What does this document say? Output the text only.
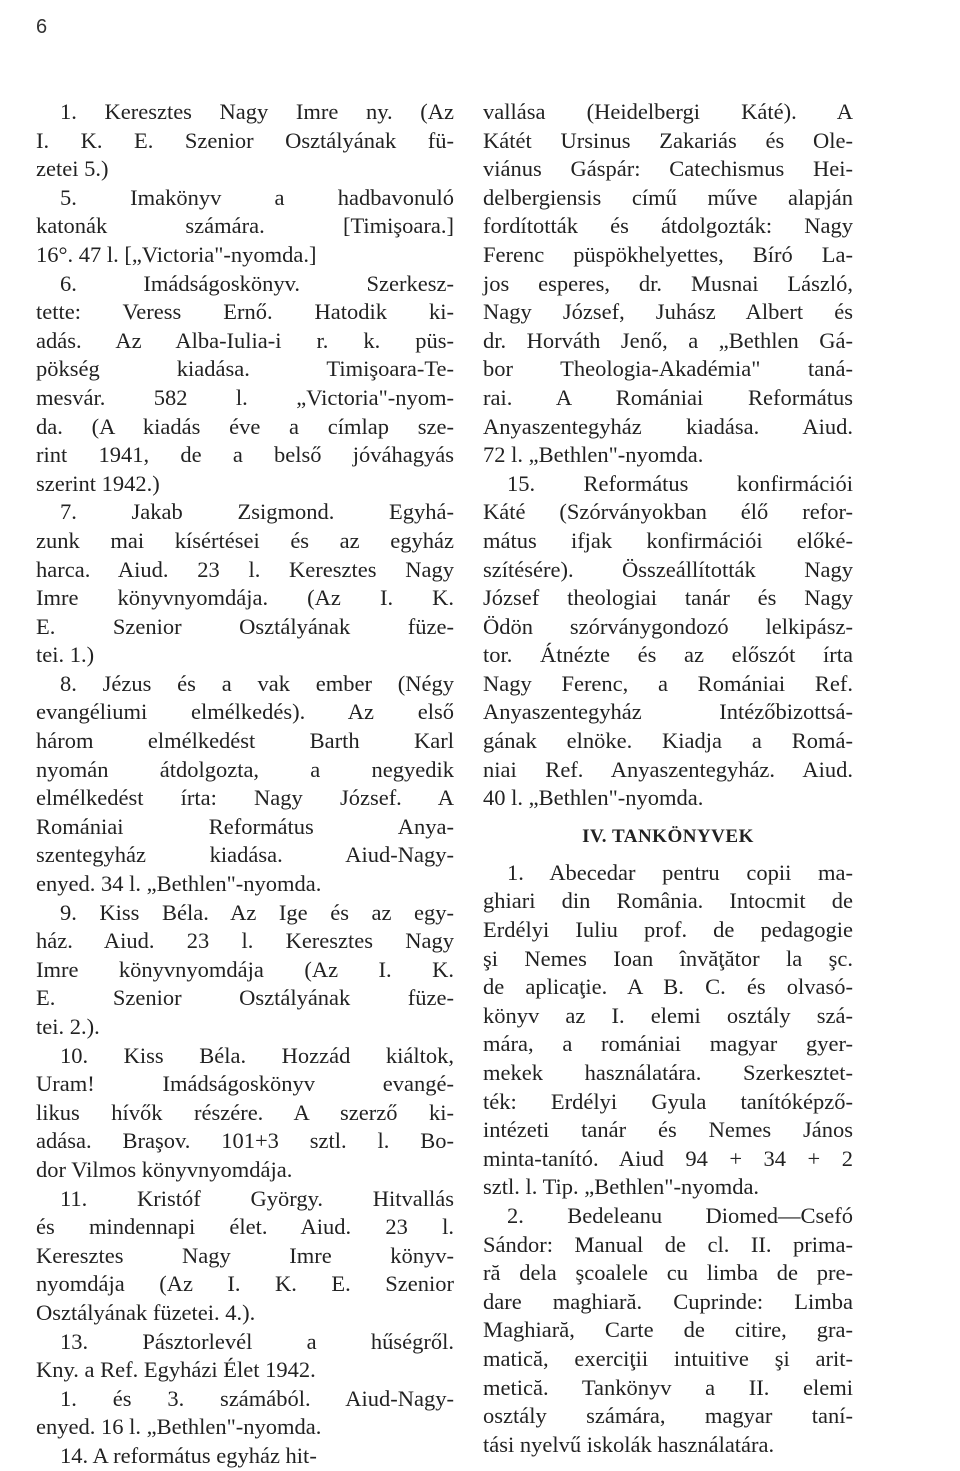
6
1. Keresztes Nagy Imre ny. (Az
I. K. E. Szenior Osztályának fü-
zetei 5.)
5. Imakönyv a hadbavonuló
katonák számára. [Timişoara.]
16°. 47 l. [„Victoria"-nyomda.]
6. Imádságoskönyv. Szerkesz-
tette: Veress Ernő. Hatodik ki-
adás. Az Alba-Iulia-i r. k. püs-
pökség kiadása. Timişoara-Te-
mesvár. 582 l. „Victoria"-nyom-
da. (A kiadás éve a címlap sze-
rint 1941, de a belső jóváhagyás
szerint 1942.)
7. Jakab Zsigmond. Egyhá-
zunk mai kísértései és az egyház
harca. Aiud. 23 l. Keresztes Nagy
Imre könyvnyomdája. (Az I. K.
E. Szenior Osztályának füze-
tei. 1.)
8. Jézus és a vak ember (Négy
evangéliumi elmélkedés). Az első
három elmélkedést Barth Karl
nyomán átdolgozta, a negyedik
elmélkedést írta: Nagy József. A
Romániai Református Anya-
szentegyház kiadása. Aiud-Nagy-
enyed. 34 l. „Bethlen"-nyomda.
9. Kiss Béla. Az Ige és az egy-
ház. Aiud. 23 l. Keresztes Nagy
Imre könyvnyomdája (Az I. K.
E. Szenior Osztályának füze-
tei. 2.).
10. Kiss Béla. Hozzád kiáltok,
Uram! Imádságoskönyv evangé-
likus hívők részére. A szerző ki-
adása. Braşov. 101+3 sztl. l. Bo-
dor Vilmos könyvnyomdája.
11. Kristóf György. Hitvallás
és mindennapi élet. Aiud. 23 l.
Keresztes Nagy Imre könyv-
nyomdája (Az I. K. E. Szenior
Osztályának füzetei. 4.).
13. Pásztorlevél a hűségről.
Kny. a Ref. Egyházi Élet 1942.
1. és 3. számából. Aiud-Nagy-
enyed. 16 l. „Bethlen"-nyomda.
14. A református egyház hit-
vallása (Heidelbergi Káté). A
Kátét Ursinus Zakariás és Ole-
viánus Gáspár: Catechismus Hei-
delbergiensis című műve alapján
fordították és átdolgozták: Nagy
Ferenc püspökhelyettes, Bíró La-
jos esperes, dr. Musnai László,
Nagy József, Juhász Albert és
dr. Horváth Jenő, a „Bethlen Gá-
bor Theologia-Akadémia" taná-
rai. A Romániai Református
Anyaszentegyház kiadása. Aiud.
72 l. „Bethlen"-nyomda.
15. Református konfirmációi
Káté (Szórványokban élő refor-
mátus ifjak konfirmációi előké-
szítésére). Összeállították Nagy
József theologiai tanár és Nagy
Ödön szórványgondozó lelkipász-
tor. Átnézte és az előszót írta
Nagy Ferenc, a Romániai Ref.
Anyaszentegyház Intézőbizottsá-
gának elnöke. Kiadja a Romá-
niai Ref. Anyaszentegyház. Aiud.
40 l. „Bethlen"-nyomda.
IV. TANKÖNYVEK
1. Abecedar pentru copii ma-
ghiari din România. Intocmit de
Erdélyi Iuliu prof. de pedagogie
şi Nemes Ioan învăţător la şc.
de aplicaţie. A B. C. és olvasó-
könyv az I. elemi osztály szá-
mára, a romániai magyar gyer-
mekek használatára. Szerkesztet-
ték: Erdélyi Gyula tanítóképző-
intézeti tanár és Nemes János
minta-tanító. Aiud 94 + 34 + 2
sztl. l. Tip. „Bethlen"-nyomda.
2. Bedeleanu Diomed—Csefó
Sándor: Manual de cl. II. prima-
ră dela şcoalele cu limba de pre-
dare maghiară. Cuprinde: Limba
Maghiară, Carte de citire, gra-
matică, exerciţii intuitive şi arit-
metică. Tankönyv a II. elemi
osztály számára, magyar taní-
tási nyelvű iskolák használatára.
